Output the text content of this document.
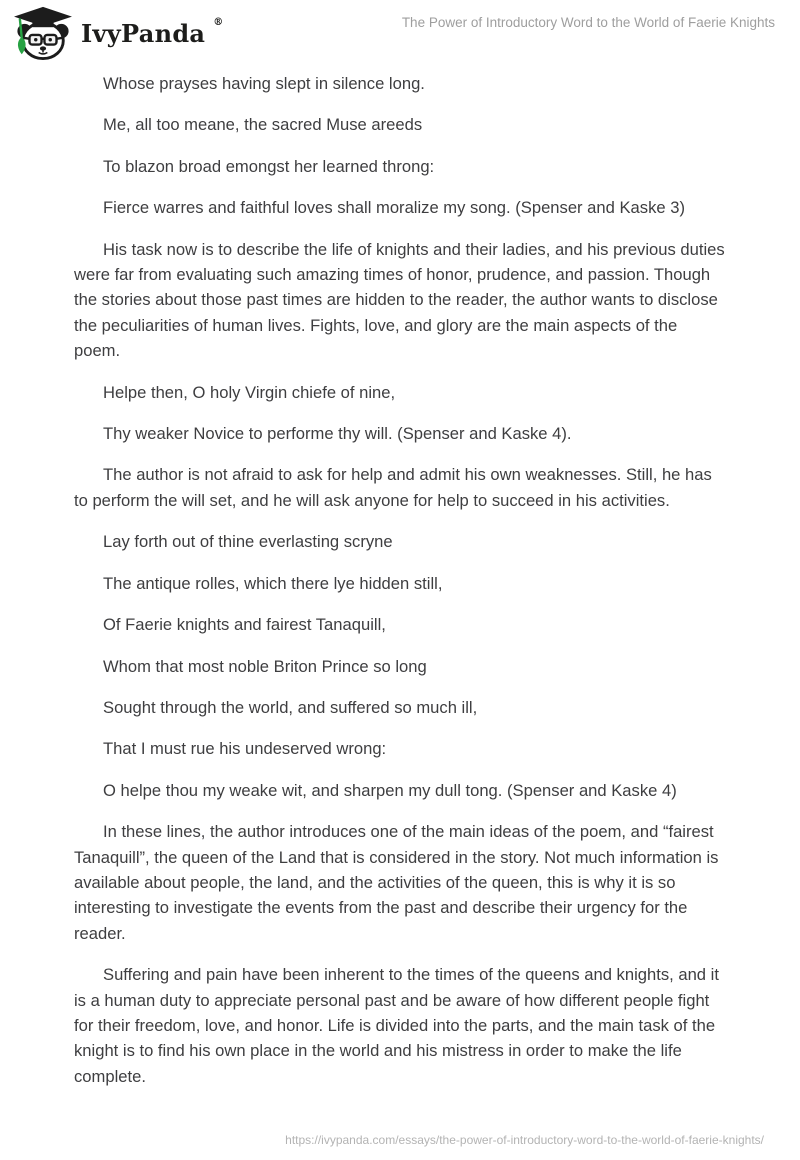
IvyPanda ®	The Power of Introductory Word to the World of Faerie Knights

Whose prayses having slept in silence long.

Me, all too meane, the sacred Muse areeds

To blazon broad emongst her learned throng:

Fierce warres and faithful loves shall moralize my song. (Spenser and Kaske 3)

His task now is to describe the life of knights and their ladies, and his previous duties were far from evaluating such amazing times of honor, prudence, and passion. Though the stories about those past times are hidden to the reader, the author wants to disclose the peculiarities of human lives. Fights, love, and glory are the main aspects of the poem.

Helpe then, O holy Virgin chiefe of nine,

Thy weaker Novice to performe thy will. (Spenser and Kaske 4).

The author is not afraid to ask for help and admit his own weaknesses. Still, he has to perform the will set, and he will ask anyone for help to succeed in his activities.

Lay forth out of thine everlasting scryne

The antique rolles, which there lye hidden still,

Of Faerie knights and fairest Tanaquill,

Whom that most noble Briton Prince so long

Sought through the world, and suffered so much ill,

That I must rue his undeserved wrong:

O helpe thou my weake wit, and sharpen my dull tong. (Spenser and Kaske 4)

In these lines, the author introduces one of the main ideas of the poem, and “fairest Tanaquill”, the queen of the Land that is considered in the story. Not much information is available about people, the land, and the activities of the queen, this is why it is so interesting to investigate the events from the past and describe their urgency for the reader.

Suffering and pain have been inherent to the times of the queens and knights, and it is a human duty to appreciate personal past and be aware of how different people fight for their freedom, love, and honor. Life is divided into the parts, and the main task of the knight is to find his own place in the world and his mistress in order to make the life complete.

https://ivypanda.com/essays/the-power-of-introductory-word-to-the-world-of-faerie-knights/
